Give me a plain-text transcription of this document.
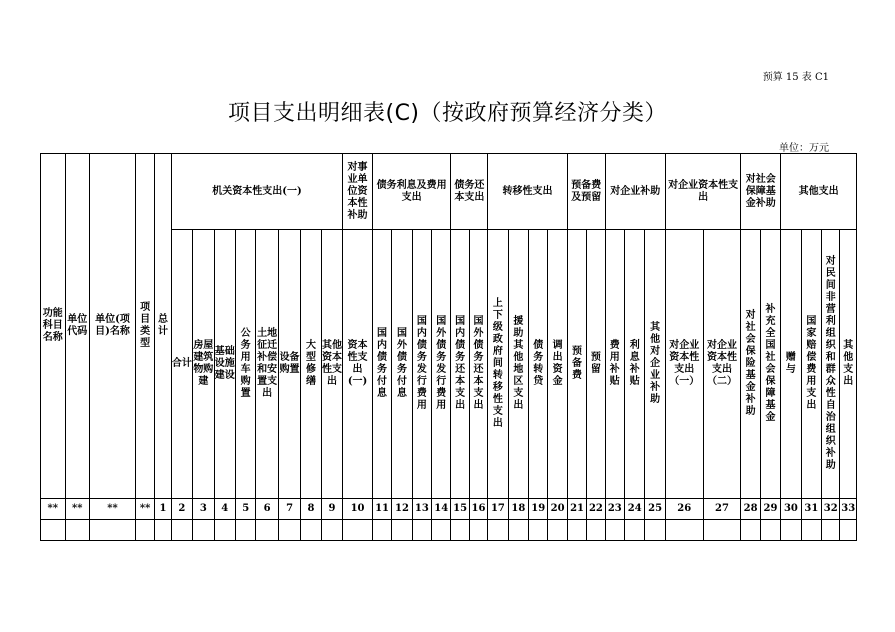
预算 15 表 C1
项目支出明细表(C)（按政府预算经济分类）
单位：万元
功能科目名称	单位代码	单位(项目)名称	项目类型	总计	机关资本性支出(一)								对事业单位资本性补助	债务利息及费用支出				债务还本支出		转移性支出				预备费及预留		对企业补助			对企业资本性支出		对社会保障基金补助		其他支出			
					合计	房屋建筑物购建	基础设施建设	公务用车购置	土地征迁补偿和安置支出	设备购置	大型修缮	其他资本性支出	资本性支出(一)	国内债务付息	国外债务付息	国内债务发行费用	国外债务发行费用	国内债务还本支出	国外债务还本支出	上下级政府间转移性支出	援助其他地区支出	债务转贷	调出资金	预备费	预留	费用补贴	利息补贴	其他对企业补助	对企业资本性支出（一）	对企业资本性支出（二）	对社会保险基金补助	补充全国社会保障基金	赠与	国家赔偿费用支出	对民间非营利组织和群众性自治组织补助	其他支出
**	**	**	**	1	2	3	4	5	6	7	8	9	10	11	12	13	14	15	16	17	18	19	20	21	22	23	24	25	26	27	28	29	30	31	32	33
